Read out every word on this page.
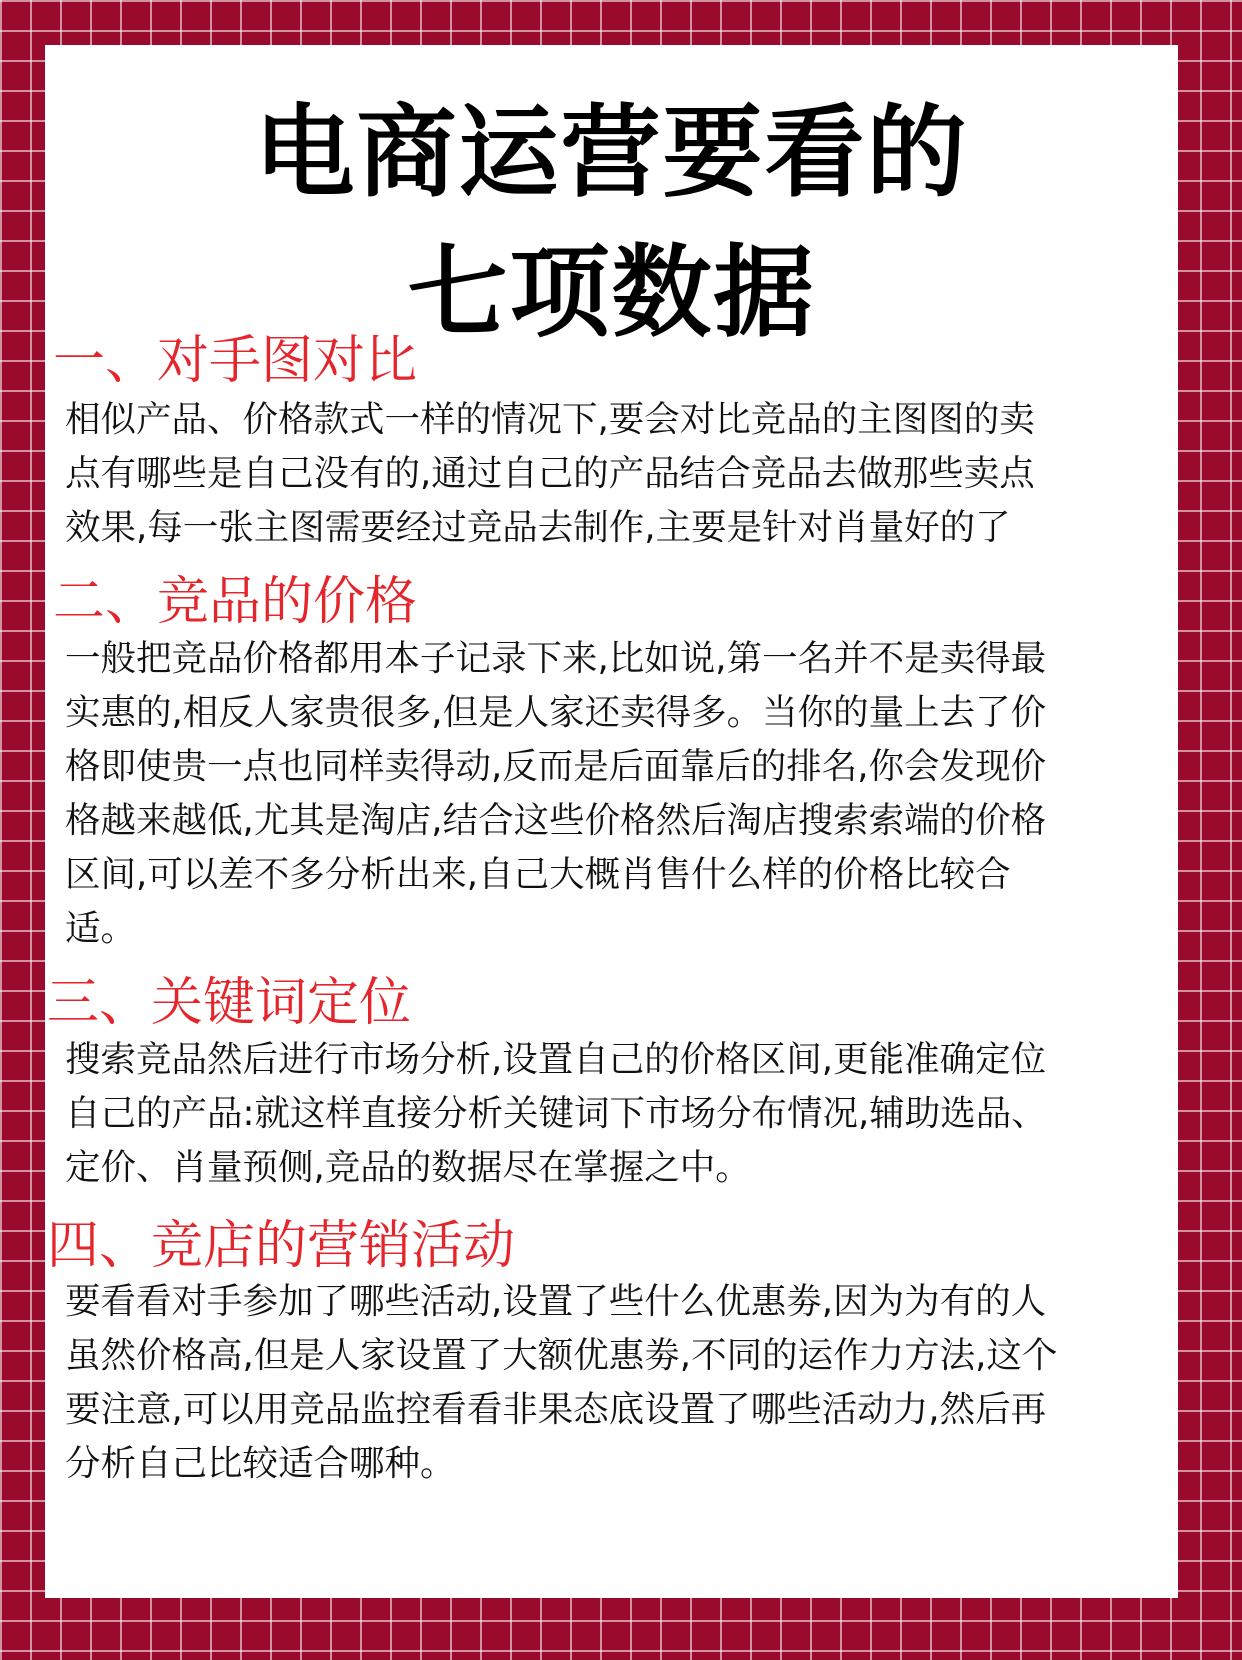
电商运营要看的
七项数据
一、对手图对比
相似产品、价格款式一样的情况下,要会对比竞品的主图图的卖
点有哪些是自己没有的,通过自己的产品结合竞品去做那些卖点
效果,每一张主图需要经过竞品去制作,主要是针对肖量好的了
二、竞品的价格
一般把竞品价格都用本子记录下来,比如说,第一名并不是卖得最
实惠的,相反人家贵很多,但是人家还卖得多。当你的量上去了价
格即使贵一点也同样卖得动,反而是后面靠后的排名,你会发现价
格越来越低,尤其是淘店,结合这些价格然后淘店搜索索端的价格
区间,可以差不多分析出来,自己大概肖售什么样的价格比较合
适。
三、关键词定位
搜索竞品然后进行市场分析,设置自己的价格区间,更能准确定位
自己的产品:就这样直接分析关键词下市场分布情况,辅助选品、
定价、肖量预侧,竞品的数据尽在掌握之中。
四、竞店的营销活动
要看看对手参加了哪些活动,设置了些什么优惠劵,因为为有的人
虽然价格高,但是人家设置了大额优惠劵,不同的运作力方法,这个
要注意,可以用竞品监控看看非果态底设置了哪些活动力,然后再
分析自己比较适合哪种。
